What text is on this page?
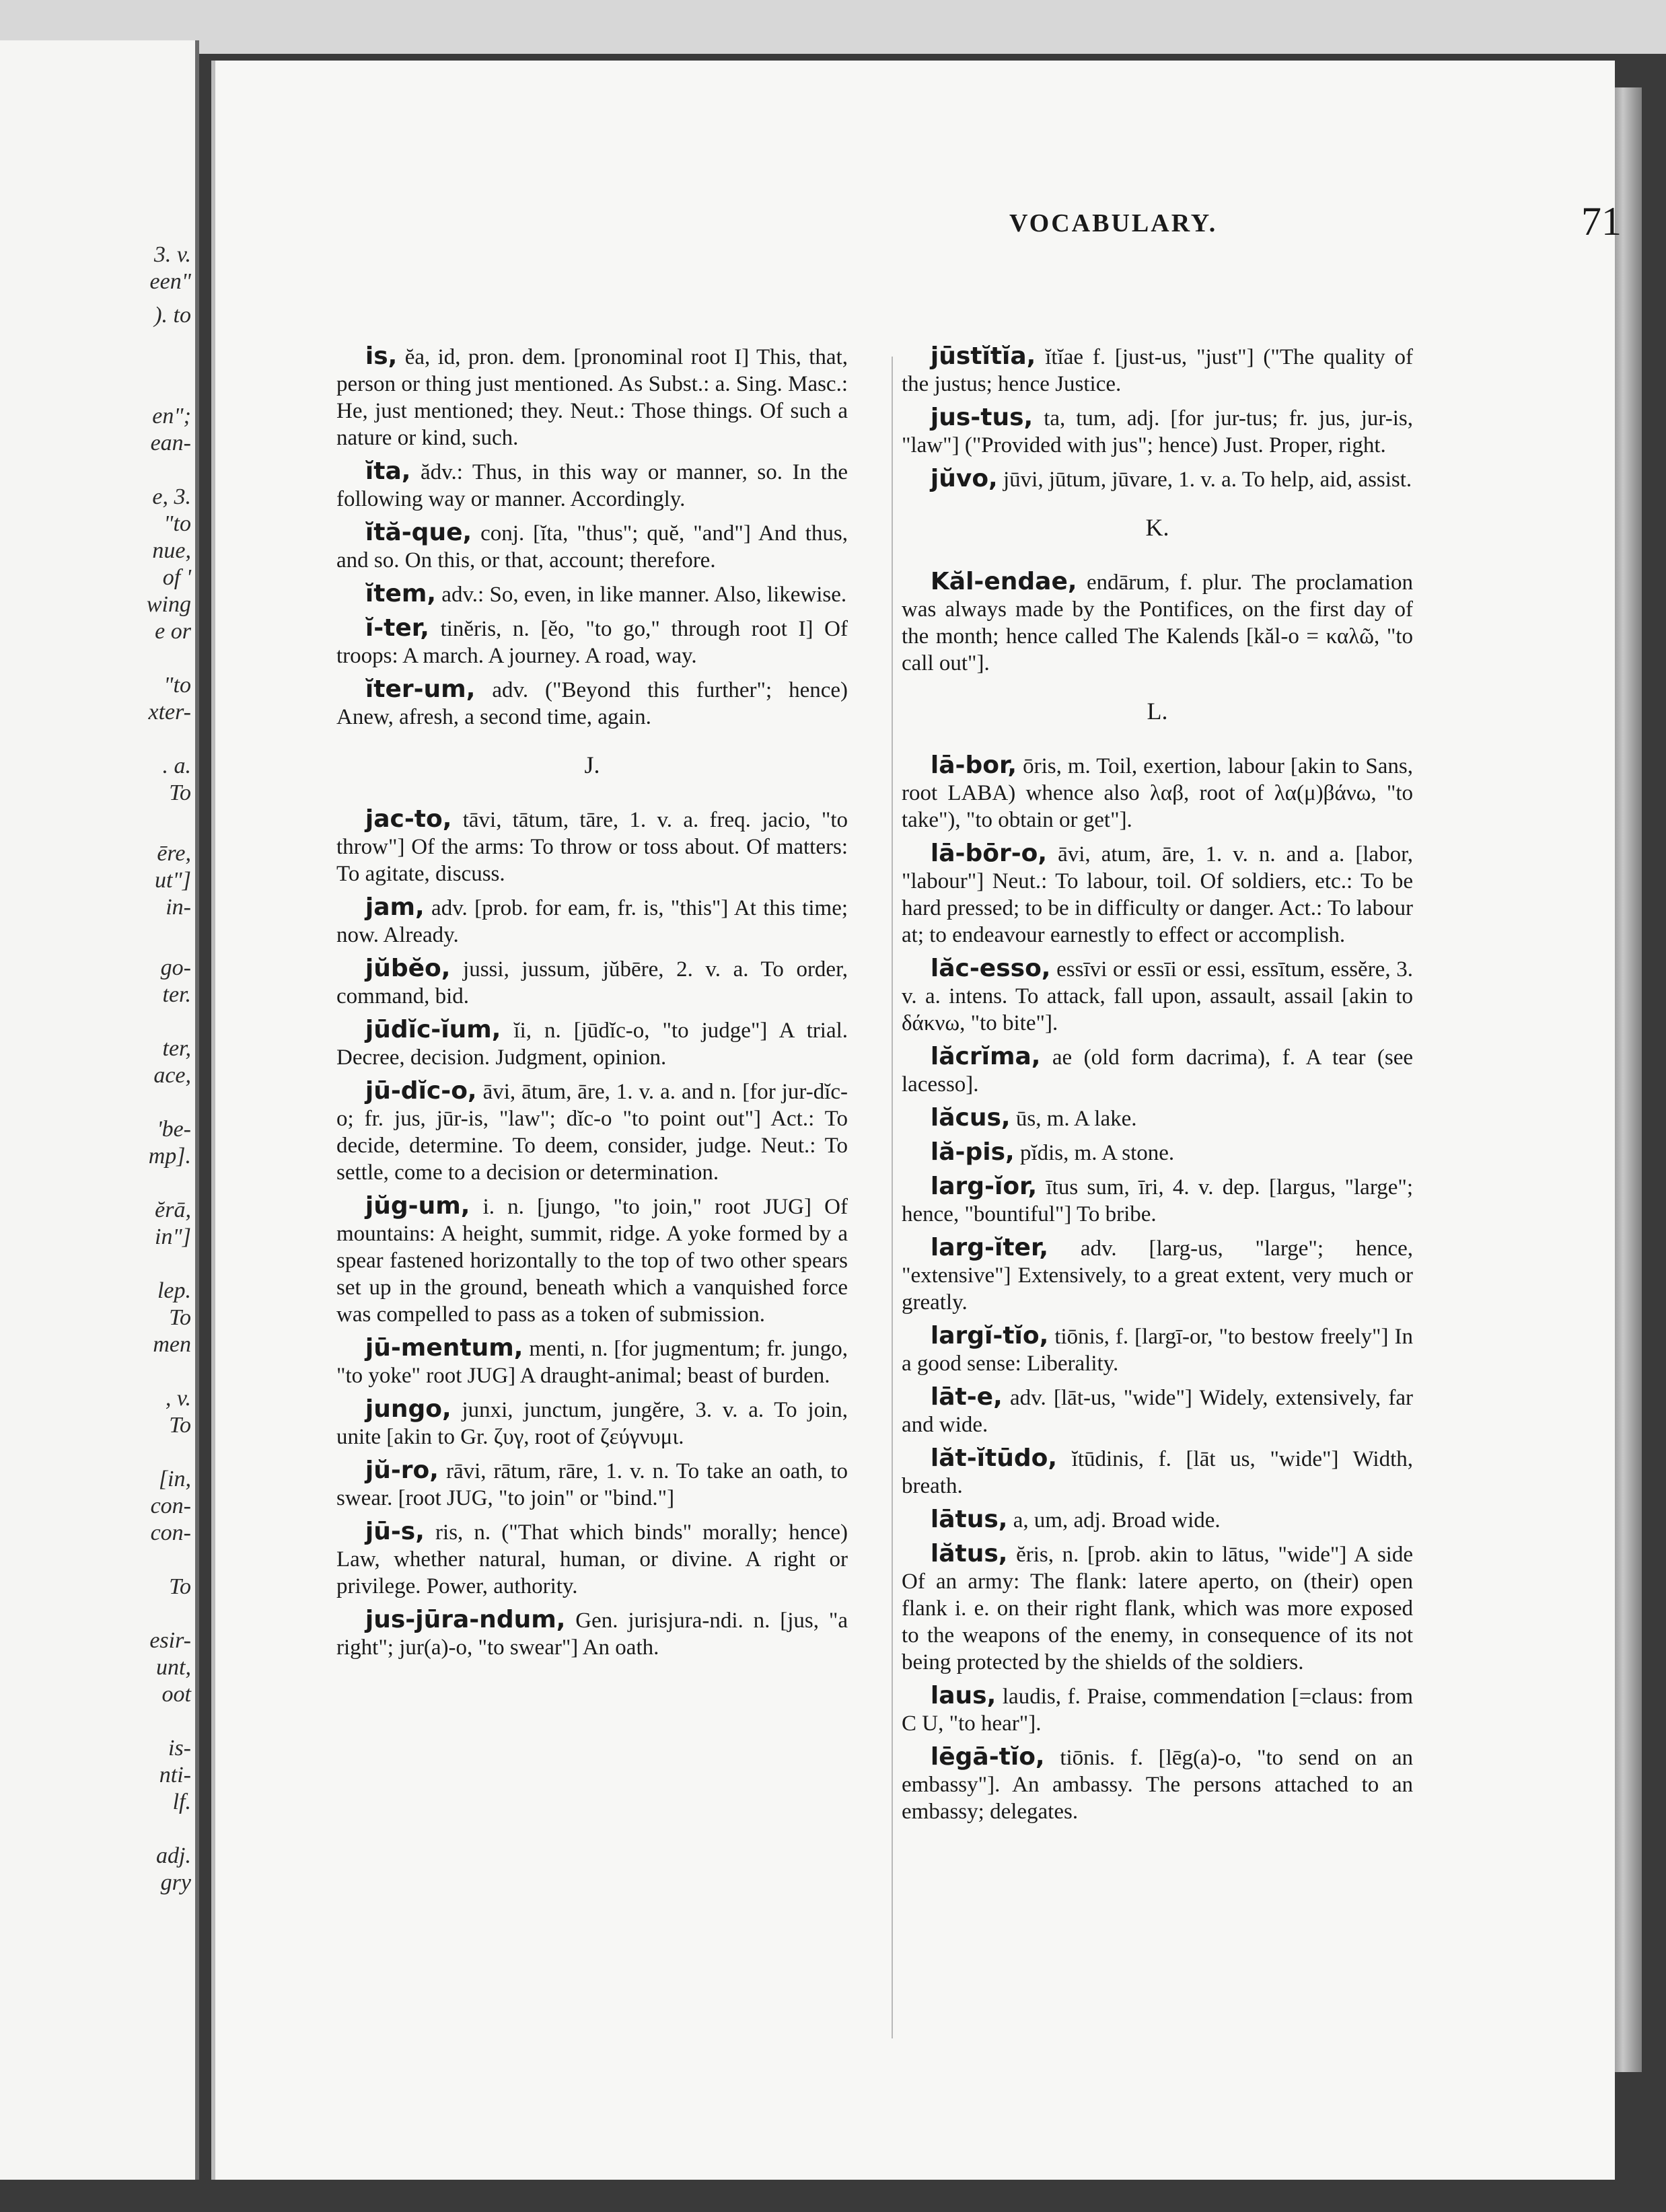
3. v.
een"
). to
en";
ean-
e, 3.
"to
nue,
of '
wing
e or
"to
xter-
. a.
To
ēre,
ut"]
in-
go-
ter.
ter,
ace,
'be-
mp].
ĕrā,
in"]
lep.
To
men
, v.
To
[in,
con-
con-
To
esir-
unt,
oot
is-
nti-
lf.
adj.
gry
VOCABULARY.	71

is, ĕa, id, pron. dem. [pronominal root I] This, that, person or thing just mentioned. As Subst.: a. Sing. Masc.: He, just mentioned; they. Neut.: Those things. Of such a nature or kind, such.

ĭta, ădv.: Thus, in this way or manner, so. In the following way or manner. Accordingly.

ĭtă-que, conj. [ĭta, "thus"; quĕ, "and"] And thus, and so. On this, or that, account; therefore.

ĭtem, adv.: So, even, in like manner. Also, likewise.

ĭ-ter, tinĕris, n. [ĕo, "to go," through root I] Of troops: A march. A journey. A road, way.

ĭter-um, adv. ("Beyond this further"; hence) Anew, afresh, a second time, again.

J.

jac-to, tāvi, tātum, tāre, 1. v. a. freq. jacio, "to throw"] Of the arms: To throw or toss about. Of matters: To agitate, discuss.

jam, adv. [prob. for eam, fr. is, "this"] At this time; now. Already.

jŭbĕo, jussi, jussum, jŭbēre, 2. v. a. To order, command, bid.

jūdĭc-ĭum, ĭi, n. [jūdĭc-o, "to judge"] A trial. Decree, decision. Judgment, opinion.

jū-dĭc-o, āvi, ātum, āre, 1. v. a. and n. [for jur-dĭc-o; fr. jus, jūr-is, "law"; dĭc-o "to point out"] Act.: To decide, determine. To deem, consider, judge. Neut.: To settle, come to a decision or determination.

jŭg-um, i. n. [jungo, "to join," root JUG] Of mountains: A height, summit, ridge. A yoke formed by a spear fastened horizontally to the top of two other spears set up in the ground, beneath which a vanquished force was compelled to pass as a token of submission.

jū-mentum, menti, n. [for jugmentum; fr. jungo, "to yoke" root JUG] A draught-animal; beast of burden.

jungo, junxi, junctum, jungĕre, 3. v. a. To join, unite [akin to Gr. ζυγ, root of ζεύγνυμι.

jŭ-ro, rāvi, rātum, rāre, 1. v. n. To take an oath, to swear. [root JUG, "to join" or "bind."]

jū-s, ris, n. ("That which binds" morally; hence) Law, whether natural, human, or divine. A right or privilege. Power, authority.

jus-jūra-ndum, Gen. jurisjura-ndi. n. [jus, "a right"; jur(a)-o, "to swear"] An oath.

jūstĭtĭa, ĭtĭae f. [just-us, "just"] ("The quality of the justus; hence Justice.

jus-tus, ta, tum, adj. [for jur-tus; fr. jus, jur-is, "law"] ("Provided with jus"; hence) Just. Proper, right.

jŭvo, jūvi, jūtum, jūvare, 1. v. a. To help, aid, assist.

K.

Kăl-endae, endārum, f. plur. The proclamation was always made by the Pontifices, on the first day of the month; hence called The Kalends [kăl-o = καλῶ, "to call out"].

L.

lā-bor, ōris, m. Toil, exertion, labour [akin to Sans, root LABA) whence also λαβ, root of λα(μ)βάνω, "to take"), "to obtain or get"].

lā-bōr-o, āvi, atum, āre, 1. v. n. and a. [labor, "labour"] Neut.: To labour, toil. Of soldiers, etc.: To be hard pressed; to be in difficulty or danger. Act.: To labour at; to endeavour earnestly to effect or accomplish.

lăc-esso, essīvi or essīi or essi, essītum, essĕre, 3. v. a. intens. To attack, fall upon, assault, assail [akin to δάκνω, "to bite"].

lăcrĭma, ae (old form dacrima), f. A tear (see lacesso].

lăcus, ūs, m. A lake.

lă-pis, pĭdis, m. A stone.

larg-ĭor, ītus sum, īri, 4. v. dep. [largus, "large"; hence, "bountiful"] To bribe.

larg-ĭter, adv. [larg-us, "large"; hence, "extensive"] Extensively, to a great extent, very much or greatly.

largĭ-tĭo, tiōnis, f. [largī-or, "to bestow freely"] In a good sense: Liberality.

lāt-e, adv. [lāt-us, "wide"] Widely, extensively, far and wide.

lăt-ĭtūdo, ĭtūdinis, f. [lāt us, "wide"] Width, breath.

lātus, a, um, adj. Broad wide.

lătus, ĕris, n. [prob. akin to lātus, "wide"] A side Of an army: The flank: latere aperto, on (their) open flank i. e. on their right flank, which was more exposed to the weapons of the enemy, in consequence of its not being protected by the shields of the soldiers.

laus, laudis, f. Praise, commendation [=claus: from C U, "to hear"].

lēgā-tĭo, tiōnis. f. [lēg(a)-o, "to send on an embassy"]. An ambassy. The persons attached to an embassy; delegates.
